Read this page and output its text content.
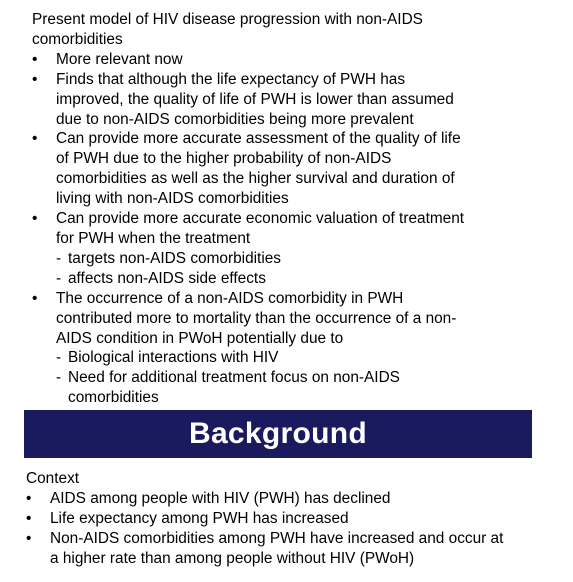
Present model of HIV disease progression with non-AIDS
comorbidities
• More relevant now
• Finds that although the life expectancy of PWH has
improved, the quality of life of PWH is lower than assumed
due to non-AIDS comorbidities being more prevalent
• Can provide more accurate assessment of the quality of life
of PWH due to the higher probability of non-AIDS
comorbidities as well as the higher survival and duration of
living with non-AIDS comorbidities
• Can provide more accurate economic valuation of treatment
for PWH when the treatment
- targets non-AIDS comorbidities
- affects non-AIDS side effects
• The occurrence of a non-AIDS comorbidity in PWH
contributed more to mortality than the occurrence of a non-
AIDS condition in PWoH potentially due to
- Biological interactions with HIV
- Need for additional treatment focus on non-AIDS
comorbidities
Background
Context
• AIDS among people with HIV (PWH) has declined
• Life expectancy among PWH has increased
• Non-AIDS comorbidities among PWH have increased and occur at
a higher rate than among people without HIV (PWoH)
